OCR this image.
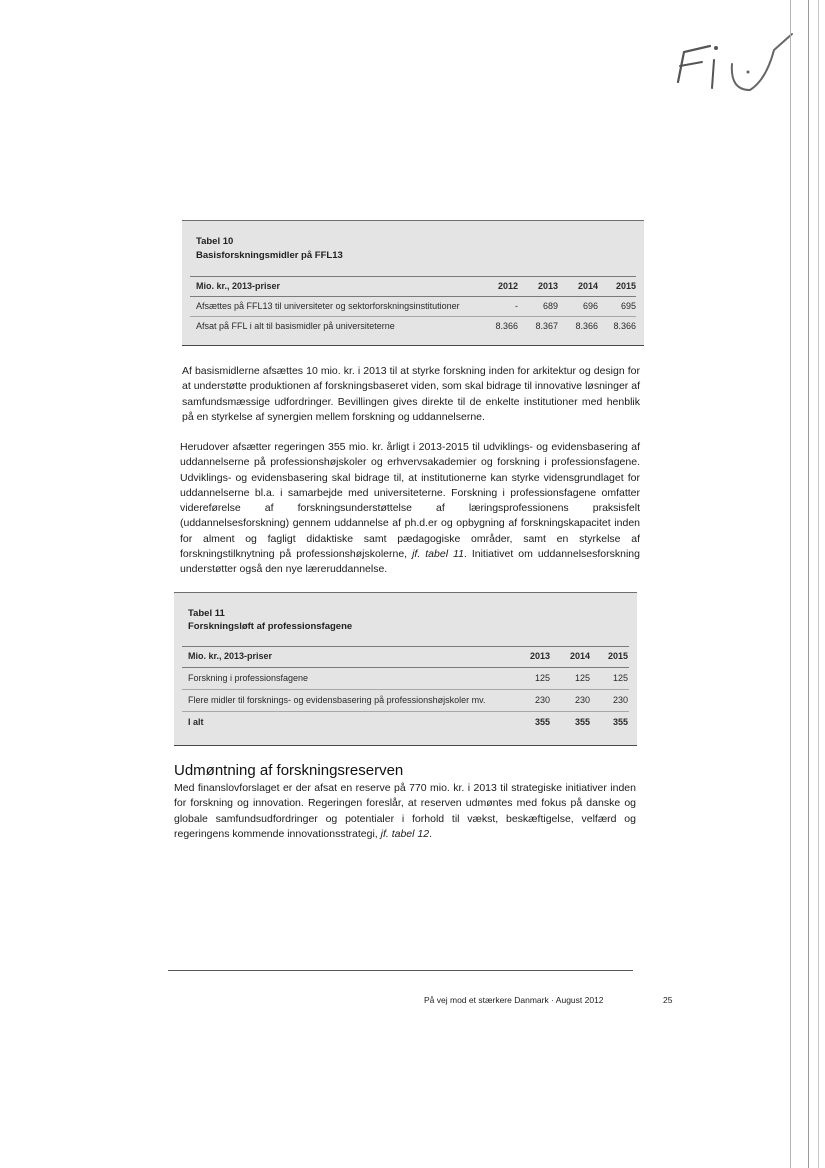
Tabel 10
Basisforskningsmidler på FFL13
Mio. kr., 2013-priser	2012	2013	2014	2015
Afsættes på FFL13 til universiteter og sektorforskningsinstitutioner	-	689	696	695
Afsat på FFL i alt til basismidler på universiteterne	8.366	8.367	8.366	8.366
Af basismidlerne afsættes 10 mio. kr. i 2013 til at styrke forskning inden for arkitektur og design for at understøtte produktionen af forskningsbaseret viden, som skal bidrage til innovative løsninger af samfundsmæssige udfordringer. Bevillingen gives direkte til de enkelte institutioner med henblik på en styrkelse af synergien mellem forskning og uddannelserne.
Herudover afsætter regeringen 355 mio. kr. årligt i 2013-2015 til udviklings- og evidensbasering af uddannelserne på professionshøjskoler og erhvervsakademier og forskning i professionsfagene. Udviklings- og evidensbasering skal bidrage til, at institutionerne kan styrke vidensgrundlaget for uddannelserne bl.a. i samarbejde med universiteterne. Forskning i professionsfagene omfatter videreførelse af forskningsunderstøttelse af læringsprofessionens praksisfelt (uddannelsesforskning) gennem uddannelse af ph.d.er og opbygning af forskningskapacitet inden for alment og fagligt didaktiske samt pædagogiske områder, samt en styrkelse af forskningstilknytning på professionshøjskolerne, jf. tabel 11. Initiativet om uddannelsesforskning understøtter også den nye læreruddannelse.
Tabel 11
Forskningsløft af professionsfagene
Mio. kr., 2013-priser	2013	2014	2015
Forskning i professionsfagene	125	125	125
Flere midler til forsknings- og evidensbasering på professionshøjskoler mv.	230	230	230
I alt	355	355	355
Udmøntning af forskningsreserven
Med finanslovforslaget er der afsat en reserve på 770 mio. kr. i 2013 til strategiske initiativer inden for forskning og innovation. Regeringen foreslår, at reserven udmøntes med fokus på danske og globale samfundsudfordringer og potentialer i forhold til vækst, beskæftigelse, velfærd og regeringens kommende innovationsstrategi, jf. tabel 12.
På vej mod et stærkere Danmark · August 2012	25
